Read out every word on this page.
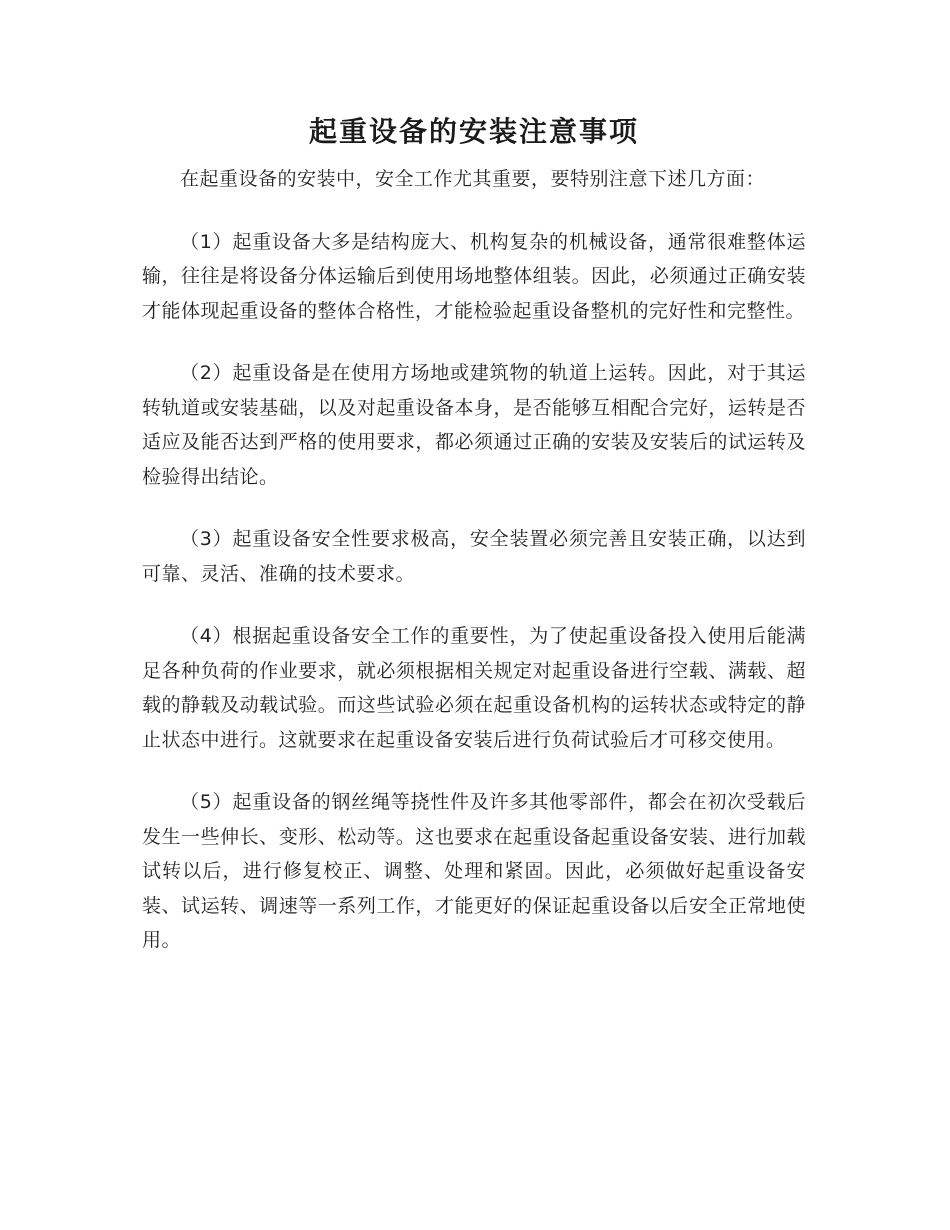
起重设备的安装注意事项

在起重设备的安装中，安全工作尤其重要，要特别注意下述几方面：

（1）起重设备大多是结构庞大、机构复杂的机械设备，通常很难整体运输，往往是将设备分体运输后到使用场地整体组装。因此，必须通过正确安装才能体现起重设备的整体合格性，才能检验起重设备整机的完好性和完整性。

（2）起重设备是在使用方场地或建筑物的轨道上运转。因此，对于其运转轨道或安装基础，以及对起重设备本身，是否能够互相配合完好，运转是否适应及能否达到严格的使用要求，都必须通过正确的安装及安装后的试运转及检验得出结论。

（3）起重设备安全性要求极高，安全装置必须完善且安装正确，以达到可靠、灵活、准确的技术要求。

（4）根据起重设备安全工作的重要性，为了使起重设备投入使用后能满足各种负荷的作业要求，就必须根据相关规定对起重设备进行空载、满载、超载的静载及动载试验。而这些试验必须在起重设备机构的运转状态或特定的静止状态中进行。这就要求在起重设备安装后进行负荷试验后才可移交使用。

（5）起重设备的钢丝绳等挠性件及许多其他零部件，都会在初次受载后发生一些伸长、变形、松动等。这也要求在起重设备起重设备安装、进行加载试转以后，进行修复校正、调整、处理和紧固。因此，必须做好起重设备安装、试运转、调速等一系列工作，才能更好的保证起重设备以后安全正常地使用。
